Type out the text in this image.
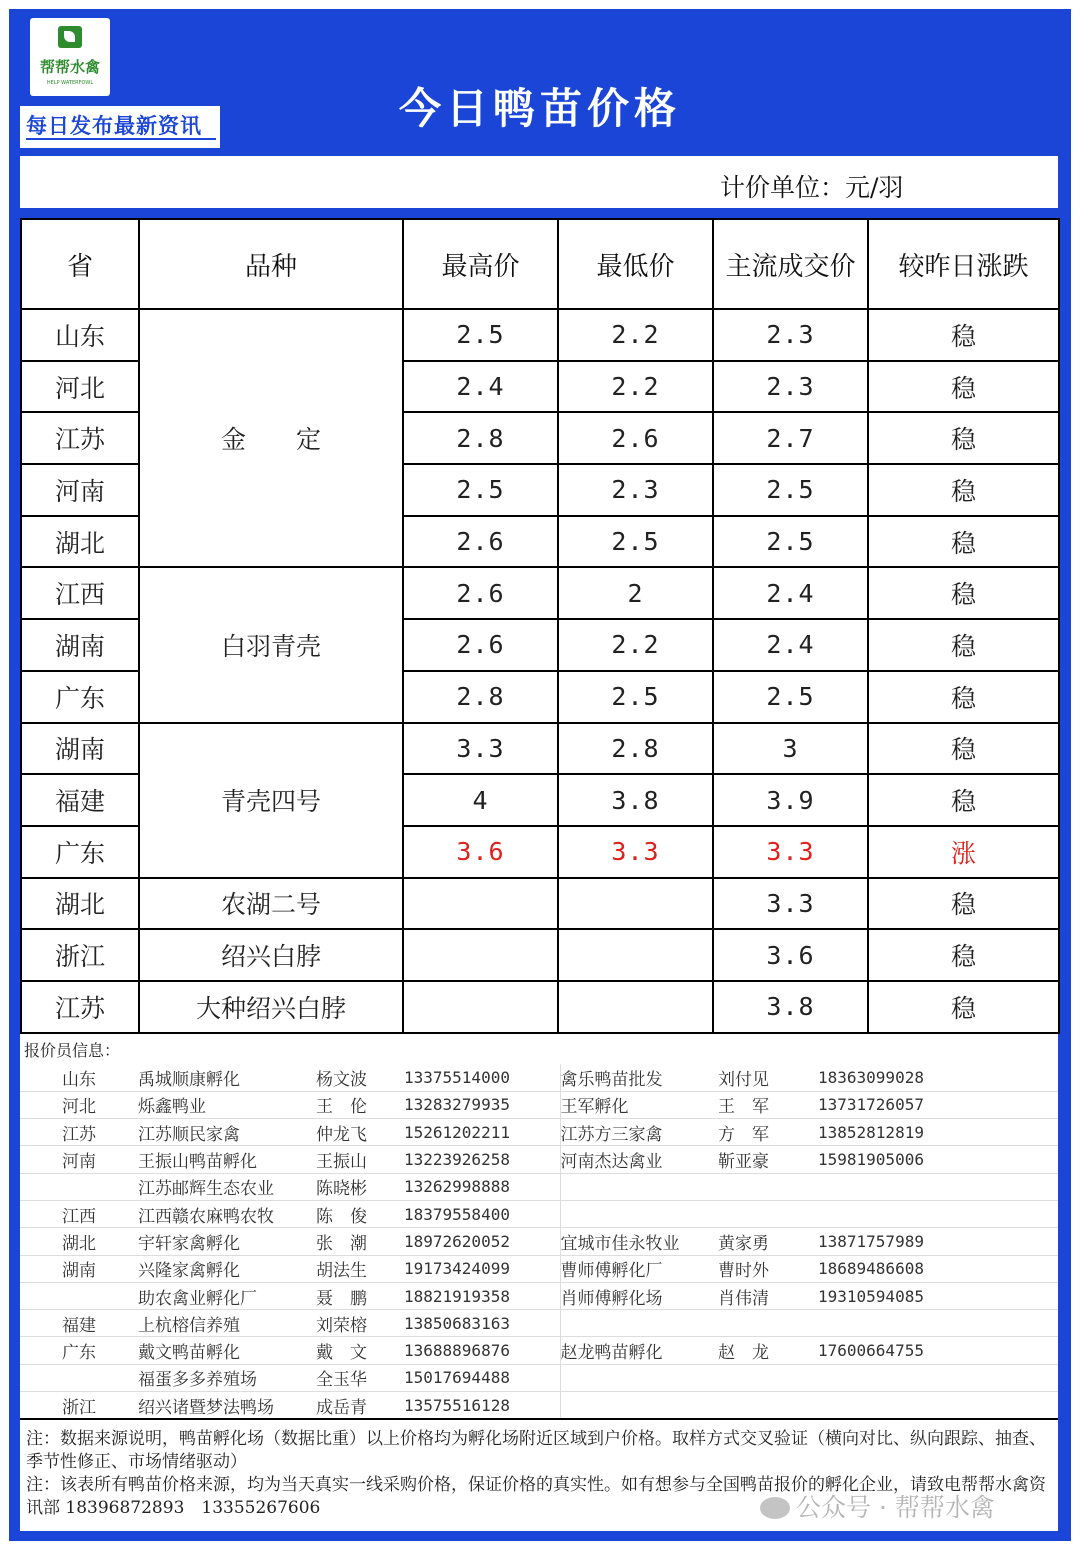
帮帮水禽
HELP WATERFOWL
每日发布最新资讯	今日鸭苗价格
计价单位：元/羽
省	品种	最高价	最低价	主流成交价	较昨日涨跌
山东	金　　定	2.5	2.2	2.3	稳
河北		2.4	2.2	2.3	稳
江苏		2.8	2.6	2.7	稳
河南		2.5	2.3	2.5	稳
湖北		2.6	2.5	2.5	稳
江西	白羽青壳	2.6	2	2.4	稳
湖南		2.6	2.2	2.4	稳
广东		2.8	2.5	2.5	稳
湖南	青壳四号	3.3	2.8	3	稳
福建		4	3.8	3.9	稳
广东		3.6	3.3	3.3	涨
湖北	农湖二号			3.3	稳
浙江	绍兴白脖			3.6	稳
江苏	大种绍兴白脖			3.8	稳
报价员信息：
山东	禹城顺康孵化	杨文波	13375514000	禽乐鸭苗批发	刘付见	18363099028
河北	烁鑫鸭业	王　伦	13283279935	王军孵化	王　军	13731726057
江苏	江苏顺民家禽	仲龙飞	15261202211	江苏方三家禽	方　军	13852812819
河南	王振山鸭苗孵化	王振山	13223926258	河南杰达禽业	靳亚豪	15981905006
	江苏邮辉生态农业	陈晓彬	13262998888			
江西	江西赣农麻鸭农牧	陈　俊	18379558400			
湖北	宇轩家禽孵化	张　潮	18972620052	宜城市佳永牧业	黄家勇	13871757989
湖南	兴隆家禽孵化	胡法生	19173424099	曹师傅孵化厂	曹时外	18689486608
	助农禽业孵化厂	聂　鹏	18821919358	肖师傅孵化场	肖伟清	19310594085
福建	上杭榕信养殖	刘荣榕	13850683163			
广东	戴文鸭苗孵化	戴　文	13688896876	赵龙鸭苗孵化	赵　龙	17600664755
	福蛋多多养殖场	全玉华	15017694488			
浙江	绍兴诸暨梦法鸭场	成岳青	13575516128			
注：数据来源说明，鸭苗孵化场（数据比重）以上价格均为孵化场附近区域到户价格。取样方式交叉验证（横向对比、纵向跟踪、抽查、季节性修正、市场情绪驱动）
注：该表所有鸭苗价格来源，均为当天真实一线采购价格，保证价格的真实性。如有想参与全国鸭苗报价的孵化企业，请致电帮帮水禽资讯部 18396872893　13355267606	公众号 · 帮帮水禽
